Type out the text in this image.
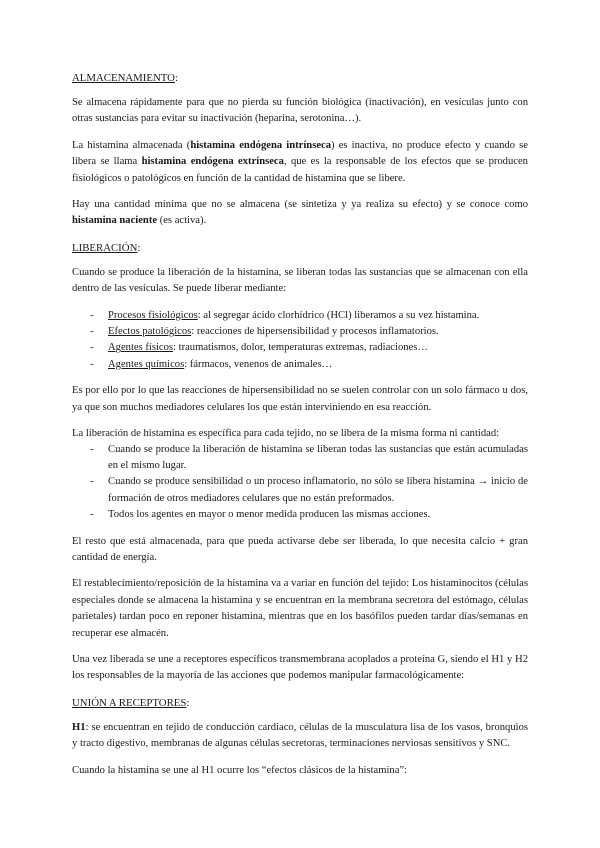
ALMACENAMIENTO:

Se almacena rápidamente para que no pierda su función biológica (inactivación), en vesículas junto con otras sustancias para evitar su inactivación (heparina, serotonina…).

La histamina almacenada (histamina endógena intrínseca) es inactiva, no produce efecto y cuando se libera se llama histamina endógena extrínseca, que es la responsable de los efectos que se producen fisiológicos o patológicos en función de la cantidad de histamina que se libere.

Hay una cantidad mínima que no se almacena (se sintetiza y ya realiza su efecto) y se conoce como histamina naciente (es activa).

LIBERACIÓN:

Cuando se produce la liberación de la histamina, se liberan todas las sustancias que se almacenan con ella dentro de las vesículas. Se puede liberar mediante:

- Procesos fisiológicos: al segregar ácido clorhídrico (HCl) liberamos a su vez histamina.
- Efectos patológicos: reacciones de hipersensibilidad y procesos inflamatorios.
- Agentes físicos: traumatismos, dolor, temperaturas extremas, radiaciones…
- Agentes químicos: fármacos, venenos de animales…

Es por ello por lo que las reacciones de hipersensibilidad no se suelen controlar con un solo fármaco u dos, ya que son muchos mediadores celulares los que están interviniendo en esa reacción.

La liberación de histamina es específica para cada tejido, no se libera de la misma forma ni cantidad:

- Cuando se produce la liberación de histamina se liberan todas las sustancias que están acumuladas en el mismo lugar.
- Cuando se produce sensibilidad o un proceso inflamatorio, no sólo se libera histamina → inicio de formación de otros mediadores celulares que no están preformados.
- Todos los agentes en mayor o menor medida producen las mismas acciones.

El resto que está almacenada, para que pueda activarse debe ser liberada, lo que necesita calcio + gran cantidad de energía.

El restablecimiento/reposición de la histamina va a variar en función del tejido: Los histaminocitos (células especiales donde se almacena la histamina y se encuentran en la membrana secretora del estómago, células parietales) tardan poco en reponer histamina, mientras que en los basófilos pueden tardar días/semanas en recuperar ese almacén.

Una vez liberada se une a receptores específicos transmembrana acoplados a proteína G, siendo el H1 y H2 los responsables de la mayoría de las acciones que podemos manipular farmacológicamente:

UNIÓN A RECEPTORES:

H1: se encuentran en tejido de conducción cardiaco, células de la musculatura lisa de los vasos, bronquios y tracto digestivo, membranas de algunas células secretoras, terminaciones nerviosas sensitivos y SNC.

Cuando la histamina se une al H1 ocurre los “efectos clásicos de la histamina”:
